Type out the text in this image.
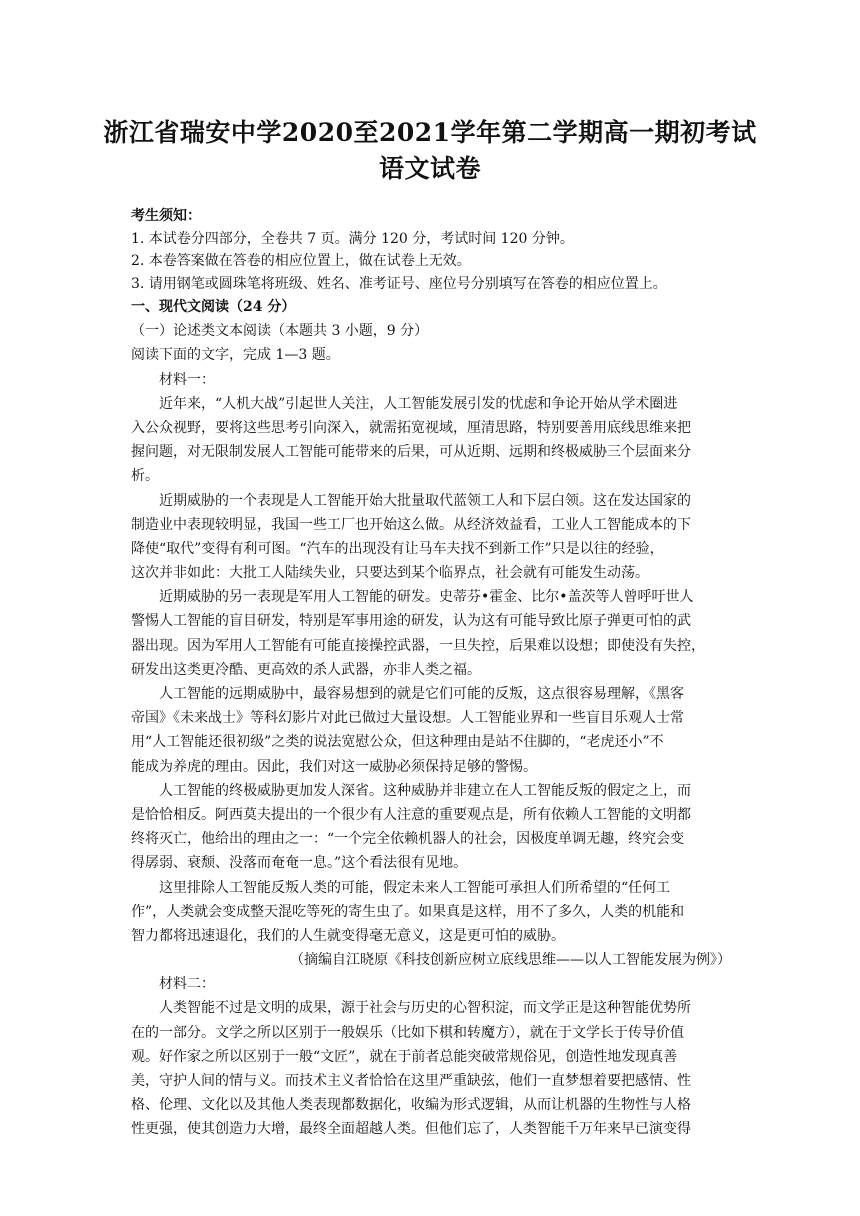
浙江省瑞安中学2020至2021学年第二学期高一期初考试
语文试卷
考生须知：
1. 本试卷分四部分，全卷共 7 页。满分 120 分，考试时间 120 分钟。
2. 本卷答案做在答卷的相应位置上，做在试卷上无效。
3. 请用钢笔或圆珠笔将班级、姓名、准考证号、座位号分别填写在答卷的相应位置上。
一、现代文阅读（24 分）
（一）论述类文本阅读（本题共 3 小题，9 分）
阅读下面的文字，完成 1—3 题。
材料一：
近年来，“人机大战”引起世人关注，人工智能发展引发的忧虑和争论开始从学术圈进
入公众视野，要将这些思考引向深入，就需拓宽视域，厘清思路，特别要善用底线思维来把
握问题，对无限制发展人工智能可能带来的后果，可从近期、远期和终极威胁三个层面来分
析。
近期威胁的一个表现是人工智能开始大批量取代蓝领工人和下层白领。这在发达国家的
制造业中表现较明显，我国一些工厂也开始这么做。从经济效益看，工业人工智能成本的下
降使“取代”变得有利可图。“汽车的出现没有让马车夫找不到新工作”只是以往的经验，
这次并非如此：大批工人陆续失业，只要达到某个临界点，社会就有可能发生动荡。
近期威胁的另一表现是军用人工智能的研发。史蒂芬•霍金、比尔•盖茨等人曾呼吁世人
警惕人工智能的盲目研发，特别是军事用途的研发，认为这有可能导致比原子弹更可怕的武
器出现。因为军用人工智能有可能直接操控武器，一旦失控，后果难以设想；即使没有失控，
研发出这类更冷酷、更高效的杀人武器，亦非人类之福。
人工智能的远期威胁中，最容易想到的就是它们可能的反叛，这点很容易理解，《黑客
帝国》《未来战士》等科幻影片对此已做过大量设想。人工智能业界和一些盲目乐观人士常
用“人工智能还很初级”之类的说法宽慰公众，但这种理由是站不住脚的，“老虎还小”不
能成为养虎的理由。因此，我们对这一威胁必须保持足够的警惕。
人工智能的终极威胁更加发人深省。这种威胁并非建立在人工智能反叛的假定之上，而
是恰恰相反。阿西莫夫提出的一个很少有人注意的重要观点是，所有依赖人工智能的文明都
终将灭亡，他给出的理由之一：“一个完全依赖机器人的社会，因极度单调无趣，终究会变
得孱弱、衰颓、没落而奄奄一息。”这个看法很有见地。
这里排除人工智能反叛人类的可能，假定未来人工智能可承担人们所希望的“任何工
作”，人类就会变成整天混吃等死的寄生虫了。如果真是这样，用不了多久，人类的机能和
智力都将迅速退化，我们的人生就变得毫无意义，这是更可怕的威胁。
（摘编自江晓原《科技创新应树立底线思维——以人工智能发展为例》）
材料二：
人类智能不过是文明的成果，源于社会与历史的心智积淀，而文学正是这种智能优势所
在的一部分。文学之所以区别于一般娱乐（比如下棋和转魔方），就在于文学长于传导价值
观。好作家之所以区别于一般“文匠”，就在于前者总能突破常规俗见，创造性地发现真善
美，守护人间的情与义。而技术主义者恰恰在这里严重缺弦，他们一直梦想着要把感情、性
格、伦理、文化以及其他人类表现都数据化，收编为形式逻辑，从而让机器的生物性与人格
性更强，使其创造力大增，最终全面超越人类。但他们忘了，人类智能千万年来早已演变得
